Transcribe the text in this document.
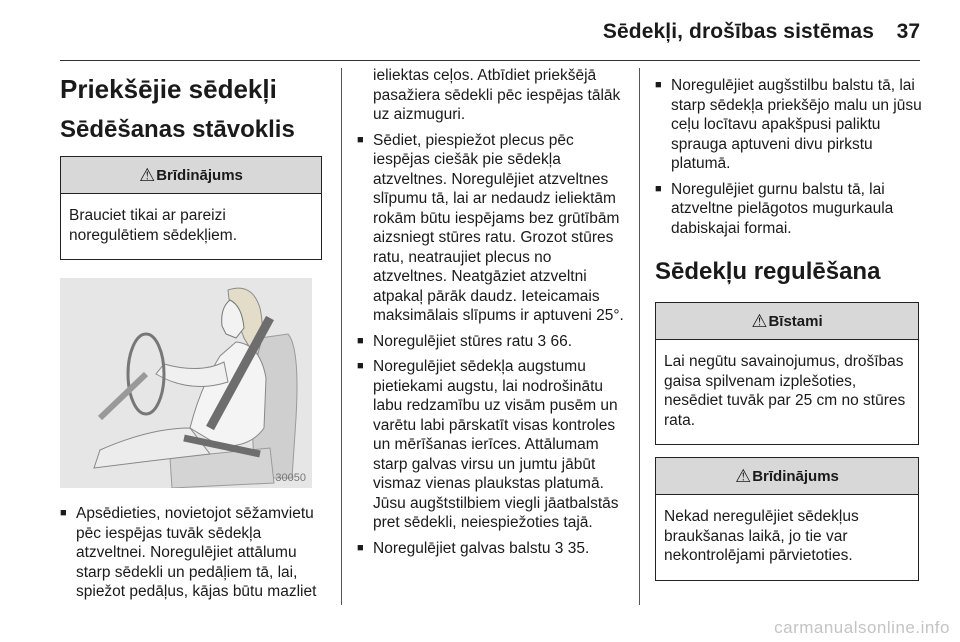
Sēdekļi, drošības sistēmas 37
Priekšējie sēdekļi
Sēdēšanas stāvoklis
⚠ Brīdinājums
Brauciet tikai ar pareizi noregulētiem sēdekļiem.
30050
■ Apsēdieties, novietojot sēžamvietu pēc iespējas tuvāk sēdekļa atzveltnei. Noregulējiet attālumu starp sēdekli un pedāļiem tā, lai, spiežot pedāļus, kājas būtu mazliet

ieliektas ceļos. Atbīdiet priekšējā pasažiera sēdekli pēc iespējas tālāk uz aizmuguri.

■ Sēdiet, piespiežot plecus pēc iespējas ciešāk pie sēdekļa atzveltnes. Noregulējiet atzveltnes slīpumu tā, lai ar nedaudz ieliektām rokām būtu iespējams bez grūtībām aizsniegt stūres ratu. Grozot stūres ratu, neatraujiet plecus no atzveltnes. Neatgāziet atzveltni atpakaļ pārāk daudz. Ieteicamais maksimālais slīpums ir aptuveni 25°.
■ Noregulējiet stūres ratu 3 66.
■ Noregulējiet sēdekļa augstumu pietiekami augstu, lai nodrošinātu labu redzamību uz visām pusēm un varētu labi pārskatīt visas kontroles un mērīšanas ierīces. Attālumam starp galvas virsu un jumtu jābūt vismaz vienas plaukstas platumā. Jūsu augštstilbiem viegli jāatbalstās pret sēdekli, neiespiežoties tajā.
■ Noregulējiet galvas balstu 3 35.
■ Noregulējiet augšstilbu balstu tā, lai starp sēdekļa priekšējo malu un jūsu ceļu locītavu apakšpusi paliktu sprauga aptuveni divu pirkstu platumā.
■ Noregulējiet gurnu balstu tā, lai atzveltne pielāgotos mugurkaula dabiskajai formai.
Sēdekļu regulēšana
⚠ Bīstami
Lai negūtu savainojumus, drošības gaisa spilvenam izplešoties, nesēdiet tuvāk par 25 cm no stūres rata.
⚠ Brīdinājums
Nekad neregulējiet sēdekļus braukšanas laikā, jo tie var nekontrolējami pārvietoties.
carmanualsonline.info
